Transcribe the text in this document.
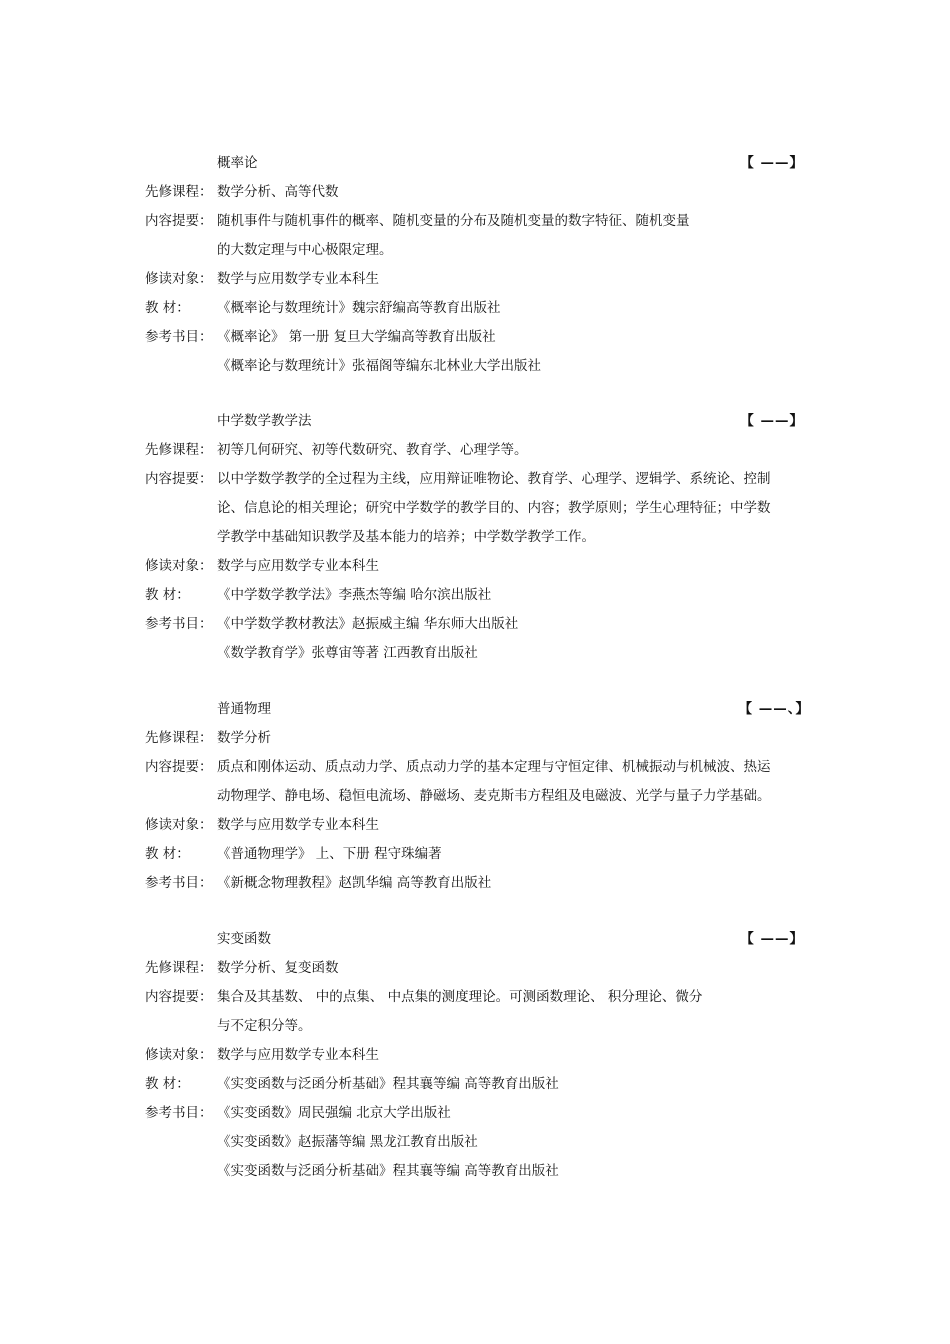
概率论	【 ——】
先修课程： 数学分析、高等代数
内容提要： 随机事件与随机事件的概率、随机变量的分布及随机变量的数字特征、随机变量
的大数定理与中心极限定理。
修读对象： 数学与应用数学专业本科生
教 材：	《概率论与数理统计》魏宗舒编高等教育出版社
参考书目： 《概率论》 第一册 复旦大学编高等教育出版社
《概率论与数理统计》张福阁等编东北林业大学出版社
中学数学教学法	【 ——】
先修课程： 初等几何研究、初等代数研究、教育学、心理学等。
内容提要： 以中学数学教学的全过程为主线，应用辩证唯物论、教育学、心理学、逻辑学、系统论、控制
论、信息论的相关理论；研究中学数学的教学目的、内容；教学原则；学生心理特征；中学数
学教学中基础知识教学及基本能力的培养；中学数学教学工作。
修读对象： 数学与应用数学专业本科生
教 材：	《中学数学教学法》李燕杰等编 哈尔滨出版社
参考书目： 《中学数学教材教法》赵振威主编 华东师大出版社
《数学教育学》张尊宙等著 江西教育出版社
普通物理	【 ——、】
先修课程： 数学分析
内容提要： 质点和刚体运动、质点动力学、质点动力学的基本定理与守恒定律、机械振动与机械波、热运
动物理学、静电场、稳恒电流场、静磁场、麦克斯韦方程组及电磁波、光学与量子力学基础。
修读对象： 数学与应用数学专业本科生
教 材：	《普通物理学》 上、下册 程守珠编著
参考书目： 《新概念物理教程》赵凯华编 高等教育出版社
实变函数	【 ——】
先修课程： 数学分析、复变函数
内容提要： 集合及其基数、 中的点集、 中点集的测度理论。可测函数理论、 积分理论、微分
与不定积分等。
修读对象： 数学与应用数学专业本科生
教 材：	《实变函数与泛函分析基础》程其襄等编 高等教育出版社
参考书目： 《实变函数》周民强编 北京大学出版社
《实变函数》赵振藩等编 黑龙江教育出版社
《实变函数与泛函分析基础》程其襄等编 高等教育出版社
